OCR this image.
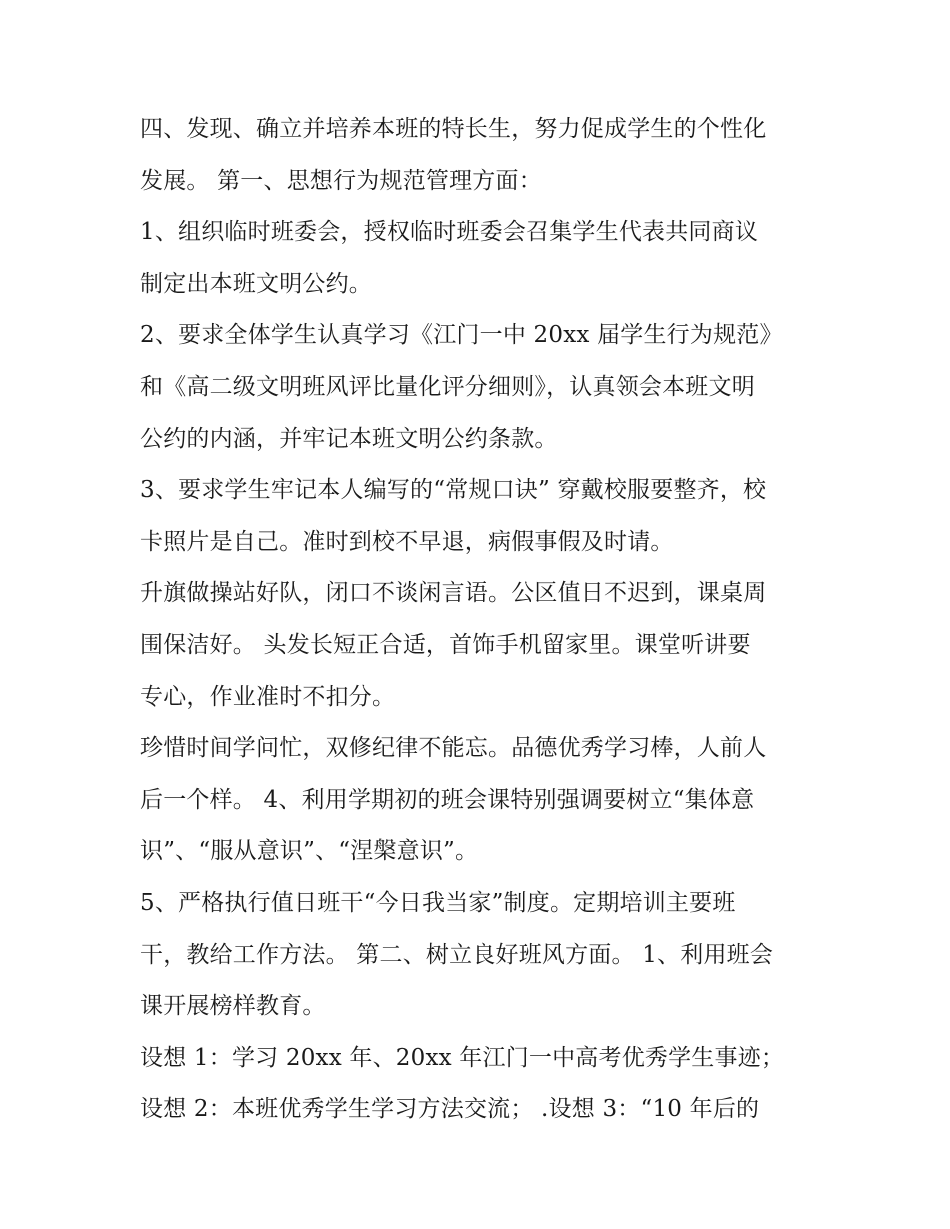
四、发现、确立并培养本班的特长生，努力促成学生的个性化
发展。 第一、思想行为规范管理方面：
1、组织临时班委会，授权临时班委会召集学生代表共同商议
制定出本班文明公约。
2、要求全体学生认真学习《江门一中 20xx 届学生行为规范》
和《高二级文明班风评比量化评分细则》，认真领会本班文明
公约的内涵，并牢记本班文明公约条款。
3、要求学生牢记本人编写的“常规口诀” 穿戴校服要整齐，校
卡照片是自己。准时到校不早退，病假事假及时请。
升旗做操站好队，闭口不谈闲言语。公区值日不迟到，课桌周
围保洁好。 头发长短正合适，首饰手机留家里。课堂听讲要
专心，作业准时不扣分。
珍惜时间学问忙，双修纪律不能忘。品德优秀学习棒，人前人
后一个样。 4、利用学期初的班会课特别强调要树立“集体意
识”、“服从意识”、“涅槃意识”。
5、严格执行值日班干“今日我当家”制度。定期培训主要班
干，教给工作方法。 第二、树立良好班风方面。 1、利用班会
课开展榜样教育。
设想 1：学习 20xx 年、20xx 年江门一中高考优秀学生事迹；
设想 2：本班优秀学生学习方法交流； .设想 3：“10 年后的
